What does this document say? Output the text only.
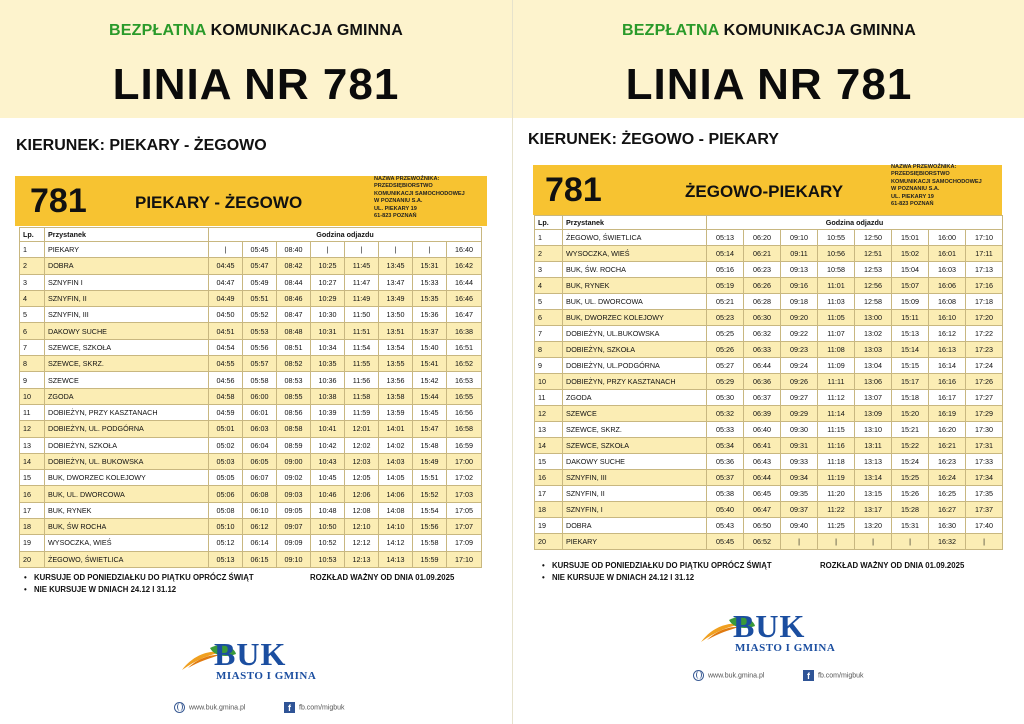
BEZPŁATNA KOMUNIKACJA GMINNA
LINIA NR 781
KIERUNEK: PIEKARY - ŻEGOWO
781	PIEKARY - ŻEGOWO
NAZWA PRZEWOŹNIKA:
PRZEDSIĘBIORSTWO
KOMUNIKACJI SAMOCHODOWEJ
W POZNANIU S.A.
UL. PIEKARY 19
61-823 POZNAŃ
Lp.	Przystanek	Godzina odjazdu							
1	PIEKARY	|	05:45	08:40	|	|	|	|	16:40
2	DOBRA	04:45	05:47	08:42	10:25	11:45	13:45	15:31	16:42
3	SZNYFIN I	04:47	05:49	08:44	10:27	11:47	13:47	15:33	16:44
4	SZNYFIN, II	04:49	05:51	08:46	10:29	11:49	13:49	15:35	16:46
5	SZNYFIN, III	04:50	05:52	08:47	10:30	11:50	13:50	15:36	16:47
6	DAKOWY SUCHE	04:51	05:53	08:48	10:31	11:51	13:51	15:37	16:38
7	SZEWCE, SZKOŁA	04:54	05:56	08:51	10:34	11:54	13:54	15:40	16:51
8	SZEWCE, SKRZ.	04:55	05:57	08:52	10:35	11:55	13:55	15:41	16:52
9	SZEWCE	04:56	05:58	08:53	10:36	11:56	13:56	15:42	16:53
10	ZGODA	04:58	06:00	08:55	10:38	11:58	13:58	15:44	16:55
11	DOBIEŻYN, PRZY KASZTANACH	04:59	06:01	08:56	10:39	11:59	13:59	15:45	16:56
12	DOBIEŻYN, UL. PODGÓRNA	05:01	06:03	08:58	10:41	12:01	14:01	15:47	16:58
13	DOBIEŻYN, SZKOŁA	05:02	06:04	08:59	10:42	12:02	14:02	15:48	16:59
14	DOBIEŻYN, UL. BUKOWSKA	05:03	06:05	09:00	10:43	12:03	14:03	15:49	17:00
15	BUK, DWORZEC KOLEJOWY	05:05	06:07	09:02	10:45	12:05	14:05	15:51	17:02
16	BUK, UL. DWORCOWA	05:06	06:08	09:03	10:46	12:06	14:06	15:52	17:03
17	BUK, RYNEK	05:08	06:10	09:05	10:48	12:08	14:08	15:54	17:05
18	BUK, ŚW ROCHA	05:10	06:12	09:07	10:50	12:10	14:10	15:56	17:07
19	WYSOCZKA, WIEŚ	05:12	06:14	09:09	10:52	12:12	14:12	15:58	17:09
20	ŻEGOWO, ŚWIETLICA	05:13	06:15	09:10	10:53	12:13	14:13	15:59	17:10
• KURSUJE OD PONIEDZIAŁKU DO PIĄTKU OPRÓCZ ŚWIĄT	ROZKŁAD WAŻNY OD DNIA 01.09.2025
• NIE KURSUJE W DNIACH 24.12 I 31.12
BUK
MIASTO I GMINA
www.buk.gmina.pl	f fb.com/migbuk
BEZPŁATNA KOMUNIKACJA GMINNA
LINIA NR 781
KIERUNEK: ŻEGOWO - PIEKARY
781	ŻEGOWO-PIEKARY
NAZWA PRZEWOŹNIKA:
PRZEDSIĘBIORSTWO
KOMUNIKACJI SAMOCHODOWEJ
W POZNANIU S.A.
UL. PIEKARY 19
61-823 POZNAŃ
Lp.	Przystanek	Godzina odjazdu							
1	ŻEGOWO, ŚWIETLICA	05:13	06:20	09:10	10:55	12:50	15:01	16:00	17:10
2	WYSOCZKA, WIEŚ	05:14	06:21	09:11	10:56	12:51	15:02	16:01	17:11
3	BUK, ŚW. ROCHA	05:16	06:23	09:13	10:58	12:53	15:04	16:03	17:13
4	BUK, RYNEK	05:19	06:26	09:16	11:01	12:56	15:07	16:06	17:16
5	BUK, UL. DWORCOWA	05:21	06:28	09:18	11:03	12:58	15:09	16:08	17:18
6	BUK, DWORZEC KOLEJOWY	05:23	06:30	09:20	11:05	13:00	15:11	16:10	17:20
7	DOBIEŻYN, UL.BUKOWSKA	05:25	06:32	09:22	11:07	13:02	15:13	16:12	17:22
8	DOBIEŻYN, SZKOŁA	05:26	06:33	09:23	11:08	13:03	15:14	16:13	17:23
9	DOBIEŻYN, UL.PODGÓRNA	05:27	06:44	09:24	11:09	13:04	15:15	16:14	17:24
10	DOBIEŻYN, PRZY KASZTANACH	05:29	06:36	09:26	11:11	13:06	15:17	16:16	17:26
11	ZGODA	05:30	06:37	09:27	11:12	13:07	15:18	16:17	17:27
12	SZEWCE	05:32	06:39	09:29	11:14	13:09	15:20	16:19	17:29
13	SZEWCE, SKRZ.	05:33	06:40	09:30	11:15	13:10	15:21	16:20	17:30
14	SZEWCE, SZKOŁA	05:34	06:41	09:31	11:16	13:11	15:22	16:21	17:31
15	DAKOWY SUCHE	05:36	06:43	09:33	11:18	13:13	15:24	16:23	17:33
16	SZNYFIN, III	05:37	06:44	09:34	11:19	13:14	15:25	16:24	17:34
17	SZNYFIN, II	05:38	06:45	09:35	11:20	13:15	15:26	16:25	17:35
18	SZNYFIN, I	05:40	06:47	09:37	11:22	13:17	15:28	16:27	17:37
19	DOBRA	05:43	06:50	09:40	11:25	13:20	15:31	16:30	17:40
20	PIEKARY	05:45	06:52	|	|	|	|	16:32	|
• KURSUJE OD PONIEDZIAŁKU DO PIĄTKU OPRÓCZ ŚWIĄT	ROZKŁAD WAŻNY OD DNIA 01.09.2025
• NIE KURSUJE W DNIACH 24.12 I 31.12
BUK
MIASTO I GMINA
www.buk.gmina.pl	f fb.com/migbuk
